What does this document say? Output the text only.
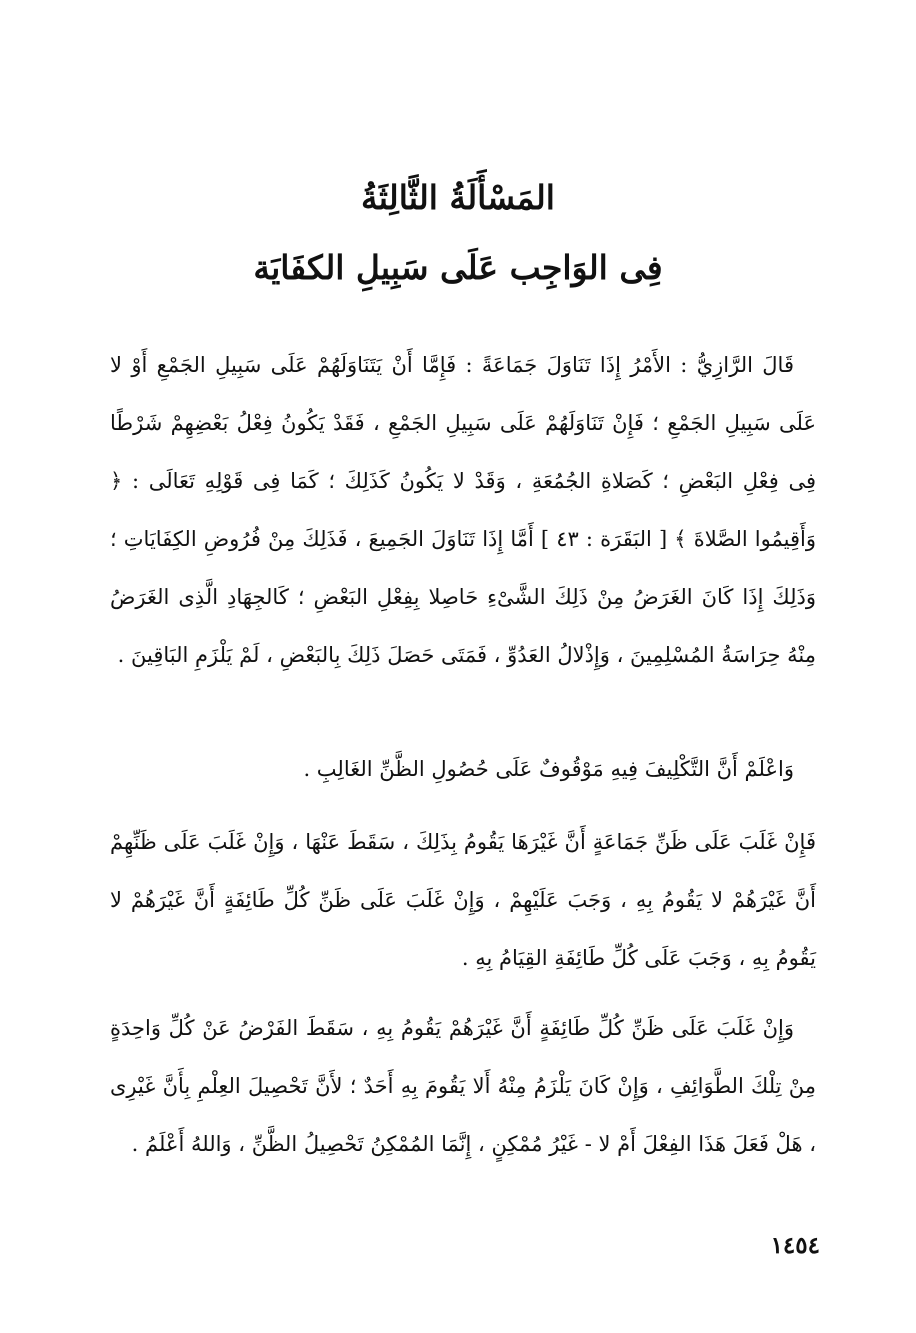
المَسْأَلَةُ الثَّالِثَةُ
فِى الوَاجِب عَلَى سَبِيلِ الكفَايَة

قَالَ الرَّازِيُّ : الأَمْرُ إِذَا تَنَاوَلَ جَمَاعَةً : فَإِمَّا أَنْ يَتَنَاوَلَهُمْ عَلَى سَبِيلِ الجَمْعِ أَوْ لا عَلَى سَبِيلِ الجَمْعِ ؛ فَإِنْ تَنَاوَلَهُمْ عَلَى سَبِيلِ الجَمْعِ ، فَقَدْ يَكُونُ فِعْلُ بَعْضِهِمْ شَرْطًا فِى فِعْلِ البَعْضِ ؛ كَصَلاةِ الجُمُعَةِ ، وَقَدْ لا يَكُونُ كَذَلِكَ ؛ كَمَا فِى قَوْلِهِ تَعَالَى : ﴿ وَأَقِيمُوا الصَّلاةَ ﴾ [ البَقَرَة : ٤٣ ] أَمَّا إِذَا تَنَاوَلَ الجَمِيعَ ، فَذَلِكَ مِنْ فُرُوضِ الكِفَايَاتِ ؛ وَذَلِكَ إِذَا كَانَ الغَرَضُ مِنْ ذَلِكَ الشَّىْءِ حَاصِلا بِفِعْلِ البَعْضِ ؛ كَالجِهَادِ الَّذِى الغَرَضُ مِنْهُ حِرَاسَةُ المُسْلِمِينَ ، وَإِذْلالُ العَدُوِّ ، فَمَتَى حَصَلَ ذَلِكَ بِالبَعْضِ ، لَمْ يَلْزَمِ البَاقِينَ .

وَاعْلَمْ أَنَّ التَّكْلِيفَ فِيهِ مَوْقُوفٌ عَلَى حُصُولِ الظَّنِّ الغَالِبِ .

فَإِنْ غَلَبَ عَلَى ظَنِّ جَمَاعَةٍ أَنَّ غَيْرَهَا يَقُومُ بِذَلِكَ ، سَقَطَ عَنْهَا ، وَإِنْ غَلَبَ عَلَى ظَنِّهِمْ أَنَّ غَيْرَهُمْ لا يَقُومُ بِهِ ، وَجَبَ عَلَيْهِمْ ، وَإِنْ غَلَبَ عَلَى ظَنِّ كُلِّ طَائِفَةٍ أَنَّ غَيْرَهُمْ لا يَقُومُ بِهِ ، وَجَبَ عَلَى كُلِّ طَائِفَةِ القِيَامُ بِهِ .

وَإِنْ غَلَبَ عَلَى ظَنِّ كُلِّ طَائِفَةٍ أَنَّ غَيْرَهُمْ يَقُومُ بِهِ ، سَقَطَ الفَرْضُ عَنْ كُلِّ وَاحِدَةٍ مِنْ تِلْكَ الطَّوَائِفِ ، وَإِنْ كَانَ يَلْزَمُ مِنْهُ أَلا يَقُومَ بِهِ أَحَدٌ ؛ لأَنَّ تَحْصِيلَ العِلْمِ بِأَنَّ غَيْرِى ، هَلْ فَعَلَ هَذَا الفِعْلَ أَمْ لا - غَيْرُ مُمْكِنٍ ، إِنَّمَا المُمْكِنُ تَحْصِيلُ الظَّنِّ ، وَاللهُ أَعْلَمُ .

١٤٥٤
